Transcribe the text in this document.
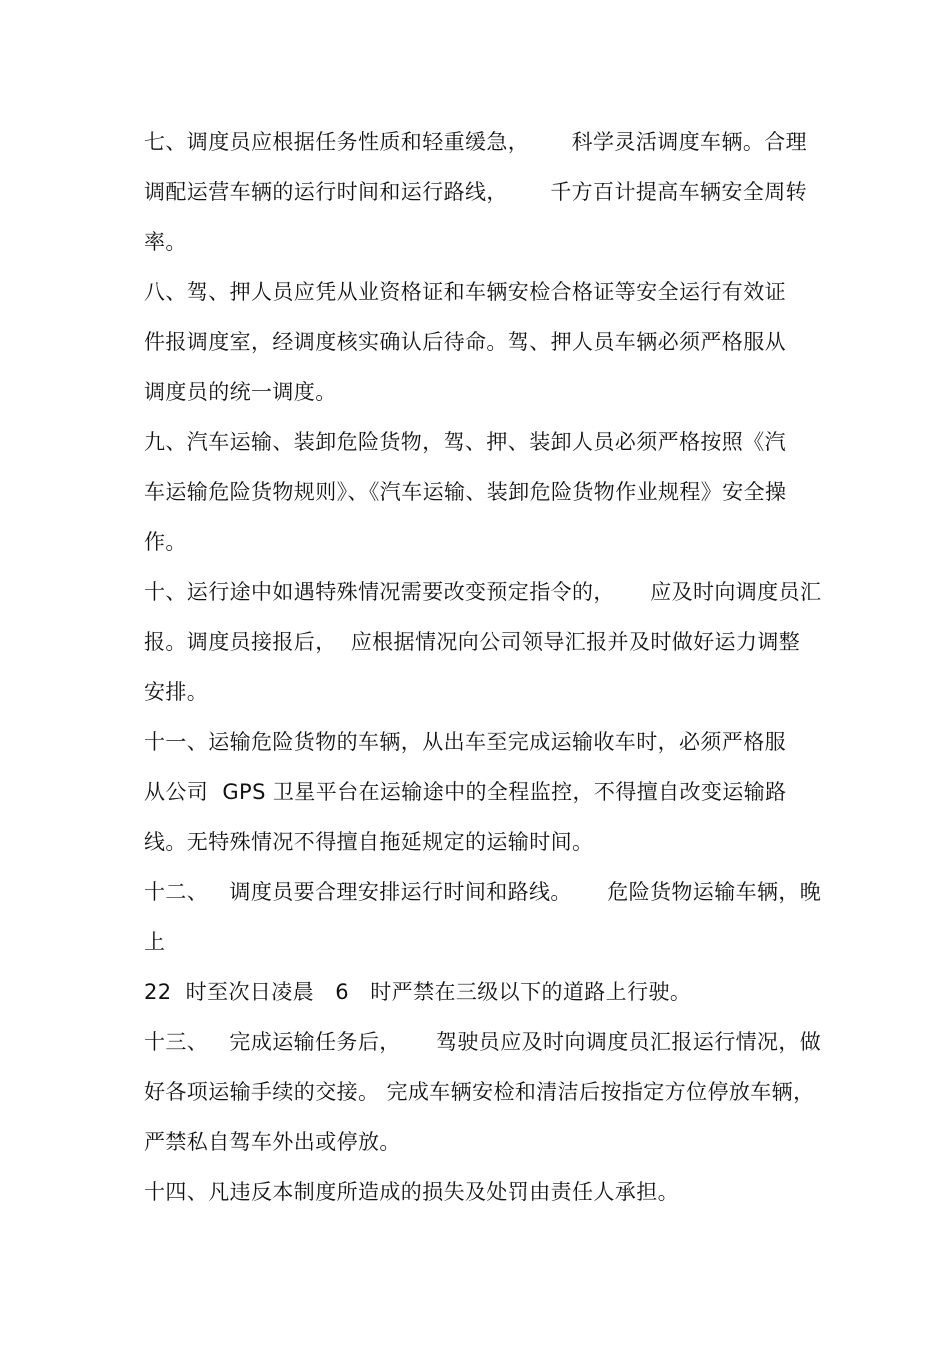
七、调度员应根据任务性质和轻重缓急，      科学灵活调度车辆。合理
调配运营车辆的运行时间和运行路线，      千方百计提高车辆安全周转
率。
八、驾、押人员应凭从业资格证和车辆安检合格证等安全运行有效证
件报调度室，经调度核实确认后待命。驾、押人员车辆必须严格服从
调度员的统一调度。
九、汽车运输、装卸危险货物，驾、押、装卸人员必须严格按照《汽
车运输危险货物规则》、《汽车运输、装卸危险货物作业规程》安全操
作。
十、运行途中如遇特殊情况需要改变预定指令的，     应及时向调度员汇
报。调度员接报后，  应根据情况向公司领导汇报并及时做好运力调整
安排。
十一、运输危险货物的车辆，从出车至完成运输收车时，必须严格服
从公司  GPS 卫星平台在运输途中的全程监控，不得擅自改变运输路
线。无特殊情况不得擅自拖延规定的运输时间。
十二、   调度员要合理安排运行时间和路线。     危险货物运输车辆，晚
上
22  时至次日凌晨   6   时严禁在三级以下的道路上行驶。
十三、   完成运输任务后，     驾驶员应及时向调度员汇报运行情况，做
好各项运输手续的交接。 完成车辆安检和清洁后按指定方位停放车辆，
严禁私自驾车外出或停放。
十四、凡违反本制度所造成的损失及处罚由责任人承担。
